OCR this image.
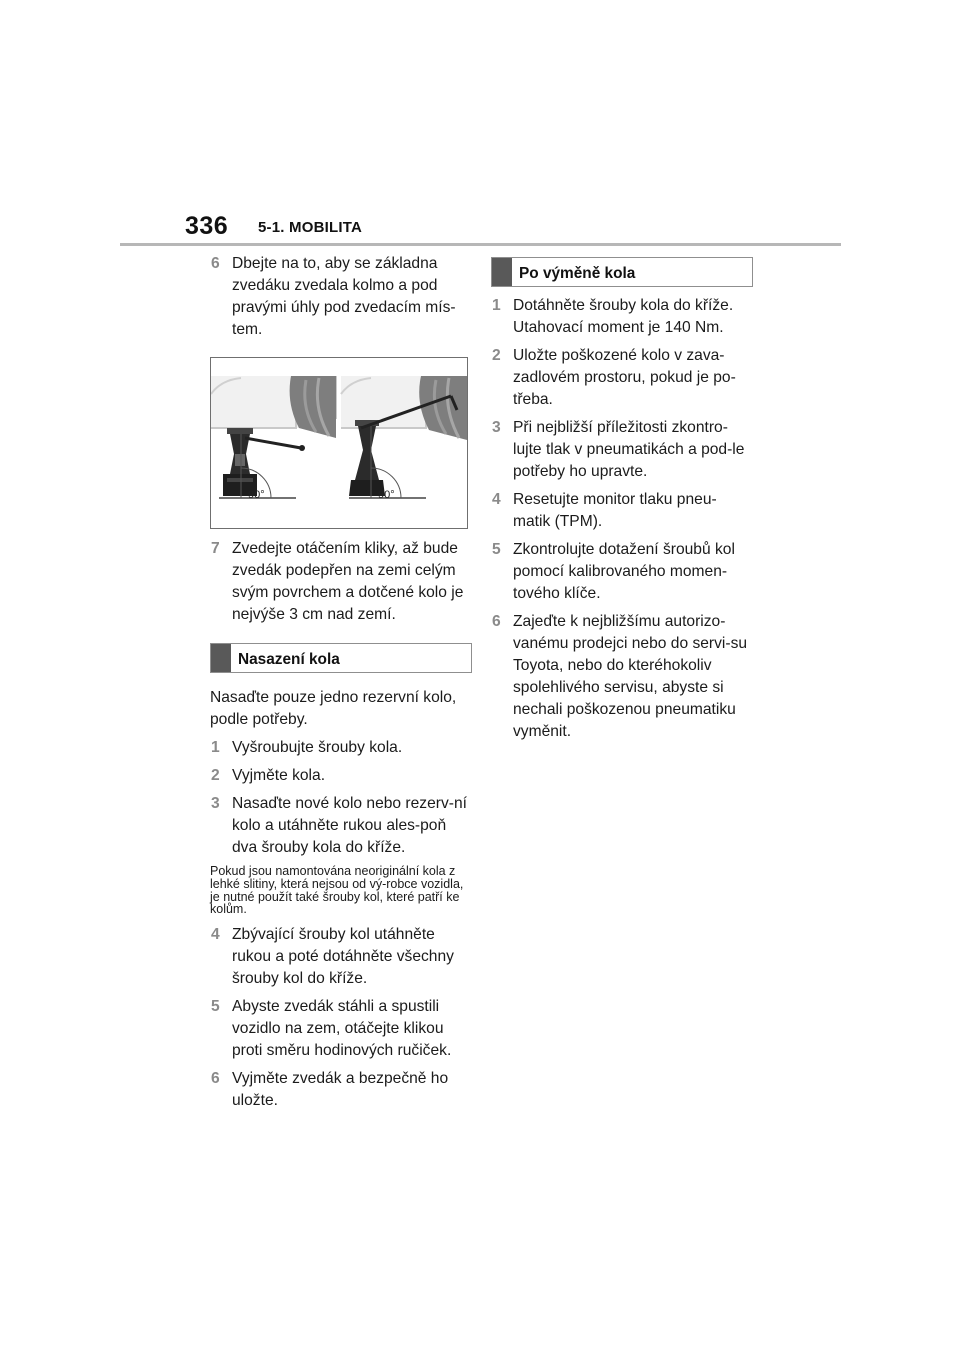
336 5-1. MOBILITA
6 Dbejte na to, aby se základna zvedáku zvedala kolmo a pod pravými úhly pod zvedacím mís-tem.
90°	90°
7 Zvedejte otáčením kliky, až bude zvedák podepřen na zemi celým svým povrchem a dotčené kolo je nejvýše 3 cm nad zemí.
Nasazení kola

Nasaďte pouze jedno rezervní kolo, podle potřeby.

1 Vyšroubujte šrouby kola.
2 Vyjměte kola.
3 Nasaďte nové kolo nebo rezerv-ní kolo a utáhněte rukou ales-poň dva šrouby kola do kříže.

Pokud jsou namontována neoriginální kola z lehké slitiny, která nejsou od vý-robce vozidla, je nutné použít také šrouby kol, které patří ke kolům.

4 Zbývající šrouby kol utáhněte rukou a poté dotáhněte všechny šrouby kol do kříže.
5 Abyste zvedák stáhli a spustili vozidlo na zem, otáčejte klikou proti směru hodinových ručiček.
6 Vyjměte zvedák a bezpečně ho uložte.
Po výměně kola
1 Dotáhněte šrouby kola do kříže. Utahovací moment je 140 Nm.
2 Uložte poškozené kolo v zava-zadlovém prostoru, pokud je po-třeba.
3 Při nejbližší příležitosti zkontro-lujte tlak v pneumatikách a pod-le potřeby ho upravte.
4 Resetujte monitor tlaku pneu-matik (TPM).
5 Zkontrolujte dotažení šroubů kol pomocí kalibrovaného momen-tového klíče.
6 Zajeďte k nejbližšímu autorizo-vanému prodejci nebo do servi-su Toyota, nebo do kteréhokoliv spolehlivého servisu, abyste si nechali poškozenou pneumatiku vyměnit.
